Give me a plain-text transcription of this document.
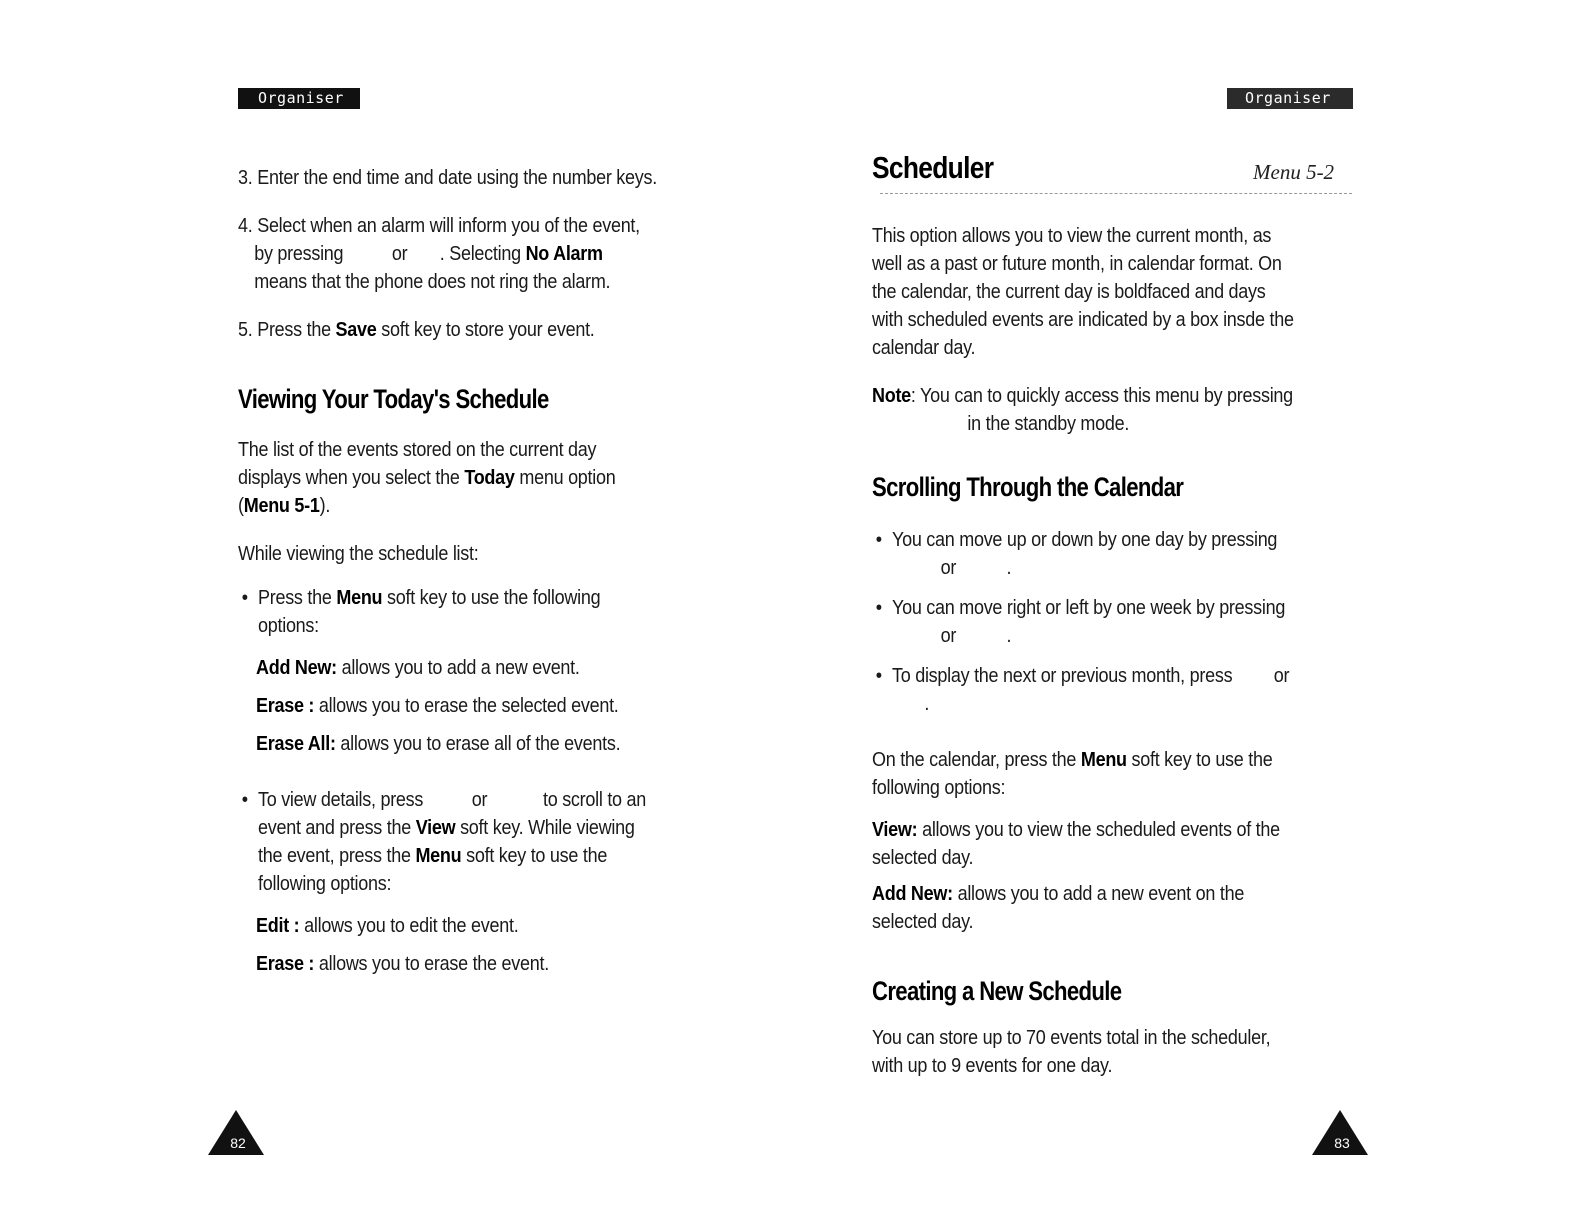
Organiser
3. Enter the end time and date using the number keys.
4. Select when an alarm will inform you of the event,
by pressing or . Selecting No Alarm
means that the phone does not ring the alarm.
5. Press the Save soft key to store your event.
Viewing Your Today's Schedule
The list of the events stored on the current day
displays when you select the Today menu option
(Menu 5-1).
While viewing the schedule list:
• Press the Menu soft key to use the following
options:
Add New: allows you to add a new event.
Erase : allows you to erase the selected event.
Erase All: allows you to erase all of the events.
• To view details, press or	to scroll to an
event and press the View soft key. While viewing
the event, press the Menu soft key to use the
following options:
Edit : allows you to edit the event.
Erase : allows you to erase the event.
82
Organiser
Scheduler	Menu 5-2
This option allows you to view the current month, as
well as a past or future month, in calendar format. On
the calendar, the current day is boldfaced and days
with scheduled events are indicated by a box insde the
calendar day.
Note: You can to quickly access this menu by pressing
in the standby mode.
Scrolling Through the Calendar
• You can move up or down by one day by pressing
or	.
• You can move right or left by one week by pressing
or	.
• To display the next or previous month, press or
.
On the calendar, press the Menu soft key to use the
following options:
View: allows you to view the scheduled events of the
selected day.
Add New: allows you to add a new event on the
selected day.
Creating a New Schedule
You can store up to 70 events total in the scheduler,
with up to 9 events for one day.
83
